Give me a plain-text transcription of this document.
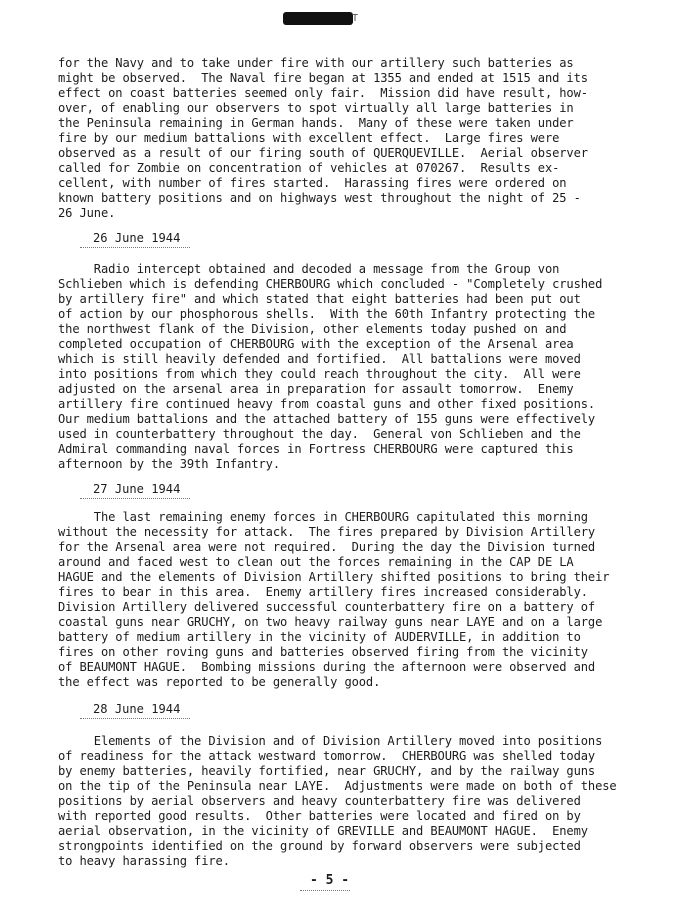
T
for the Navy and to take under fire with our artillery such batteries as
might be observed.  The Naval fire began at 1355 and ended at 1515 and its
effect on coast batteries seemed only fair.  Mission did have result, how-
over, of enabling our observers to spot virtually all large batteries in
the Peninsula remaining in German hands.  Many of these were taken under
fire by our medium battalions with excellent effect.  Large fires were
observed as a result of our firing south of QUERQUEVILLE.  Aerial observer
called for Zombie on concentration of vehicles at 070267.  Results ex-
cellent, with number of fires started.  Harassing fires were ordered on
known battery positions and on highways west throughout the night of 25 -
26 June.
26 June 1944
Radio intercept obtained and decoded a message from the Group von
Schlieben which is defending CHERBOURG which concluded - "Completely crushed
by artillery fire" and which stated that eight batteries had been put out
of action by our phosphorous shells.  With the 60th Infantry protecting the
the northwest flank of the Division, other elements today pushed on and
completed occupation of CHERBOURG with the exception of the Arsenal area
which is still heavily defended and fortified.  All battalions were moved
into positions from which they could reach throughout the city.  All were
adjusted on the arsenal area in preparation for assault tomorrow.  Enemy
artillery fire continued heavy from coastal guns and other fixed positions.
Our medium battalions and the attached battery of 155 guns were effectively
used in counterbattery throughout the day.  General von Schlieben and the
Admiral commanding naval forces in Fortress CHERBOURG were captured this
afternoon by the 39th Infantry.
27 June 1944
The last remaining enemy forces in CHERBOURG capitulated this morning
without the necessity for attack.  The fires prepared by Division Artillery
for the Arsenal area were not required.  During the day the Division turned
around and faced west to clean out the forces remaining in the CAP DE LA
HAGUE and the elements of Division Artillery shifted positions to bring their
fires to bear in this area.  Enemy artillery fires increased considerably.
Division Artillery delivered successful counterbattery fire on a battery of
coastal guns near GRUCHY, on two heavy railway guns near LAYE and on a large
battery of medium artillery in the vicinity of AUDERVILLE, in addition to
fires on other roving guns and batteries observed firing from the vicinity
of BEAUMONT HAGUE.  Bombing missions during the afternoon were observed and
the effect was reported to be generally good.
28 June 1944
Elements of the Division and of Division Artillery moved into positions
of readiness for the attack westward tomorrow.  CHERBOURG was shelled today
by enemy batteries, heavily fortified, near GRUCHY, and by the railway guns
on the tip of the Peninsula near LAYE.  Adjustments were made on both of these
positions by aerial observers and heavy counterbattery fire was delivered
with reported good results.  Other batteries were located and fired on by
aerial observation, in the vicinity of GREVILLE and BEAUMONT HAGUE.  Enemy
strongpoints identified on the ground by forward observers were subjected
to heavy harassing fire.
- 5 -
